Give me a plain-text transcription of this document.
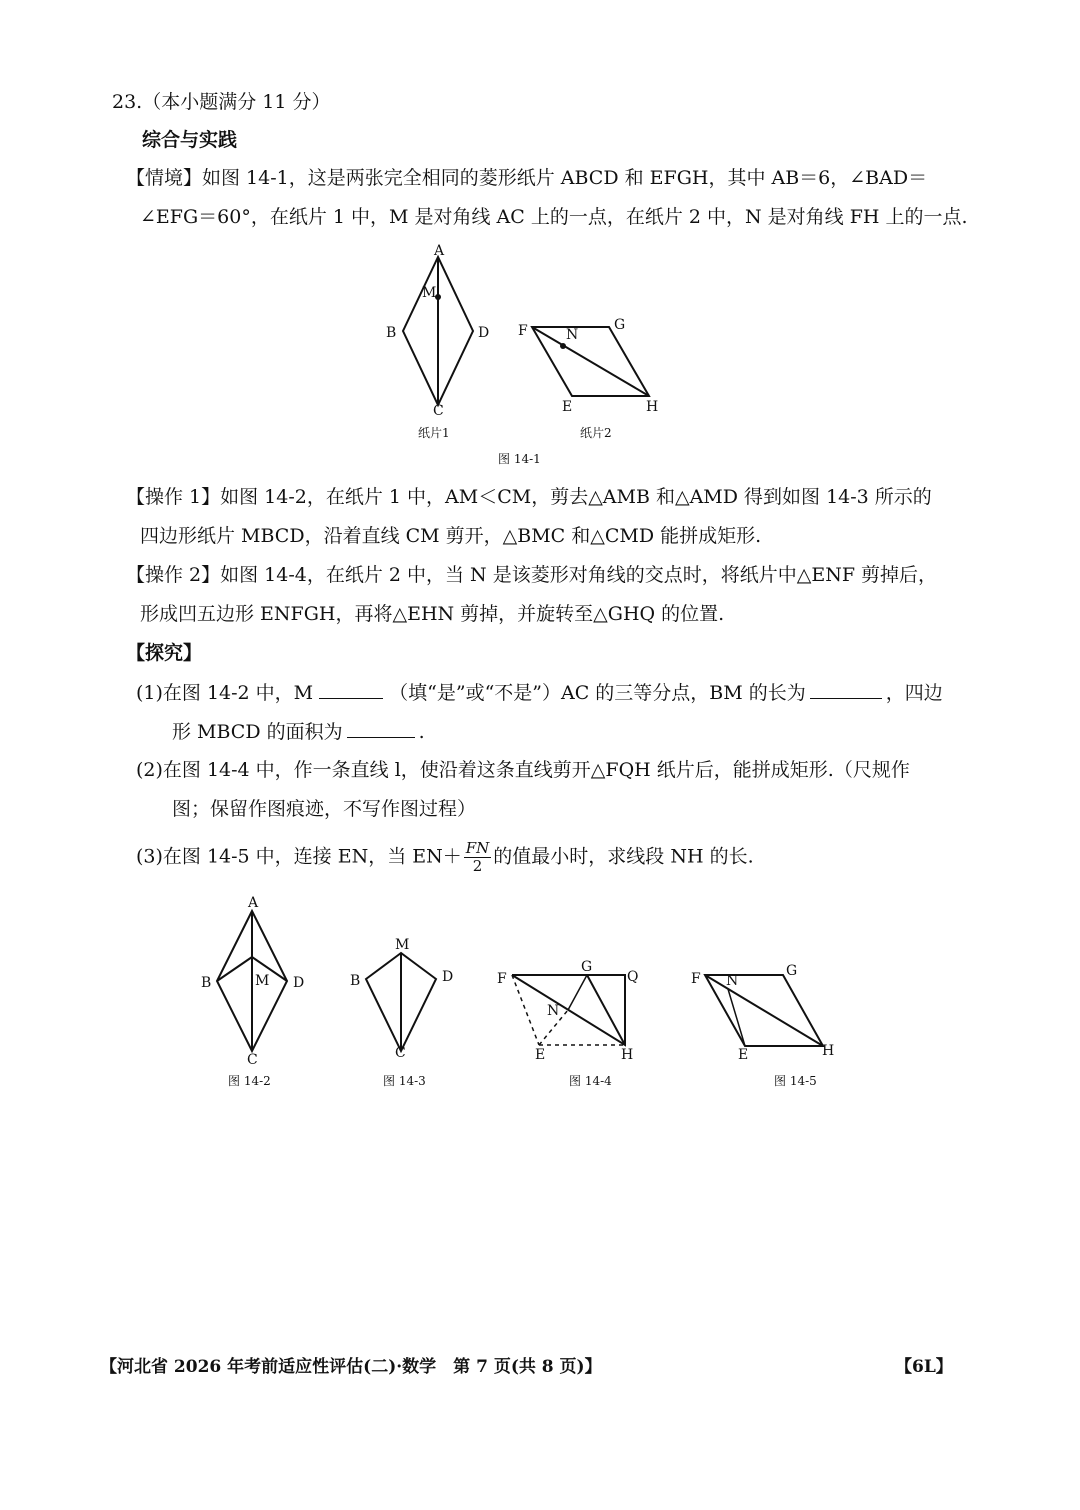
23.（本小题满分 11 分）
综合与实践
【情境】如图 14-1，这是两张完全相同的菱形纸片 ABCD 和 EFGH，其中 AB＝6，∠BAD＝
∠EFG＝60°，在纸片 1 中，M 是对角线 AC 上的一点，在纸片 2 中，N 是对角线 FH 上的一点.
A
M
B	D
C
纸片1
F	N
G
E	H
纸片2
图 14-1
【操作 1】如图 14-2，在纸片 1 中，AM＜CM，剪去△AMB 和△AMD 得到如图 14-3 所示的
四边形纸片 MBCD，沿着直线 CM 剪开，△BMC 和△CMD 能拼成矩形.
【操作 2】如图 14-4，在纸片 2 中，当 N 是该菱形对角线的交点时，将纸片中△ENF 剪掉后，
形成凹五边形 ENFGH，再将△EHN 剪掉，并旋转至△GHQ 的位置.
【探究】
(1)在图 14-2 中，M	（填“是”或“不是”）AC 的三等分点，BM 的长为	，四边
形 MBCD 的面积为	.
(2)在图 14-4 中，作一条直线 l，使沿着这条直线剪开△FQH 纸片后，能拼成矩形.（尺规作
图；保留作图痕迹，不写作图过程）
(3)在图 14-5 中，连接 EN，当 $EN+ \frac{FN}{2}$ 的值最小时，求线段 NH 的长.
A
B	M D
C
图 14-2
M
B	D
C
图 14-3
F
G
Q
N
E	H
图 14-4
F N
G
E	H
图 14-5
【河北省 2026 年考前适应性评估(二)·数学　第 7 页(共 8 页)】	【6L】
